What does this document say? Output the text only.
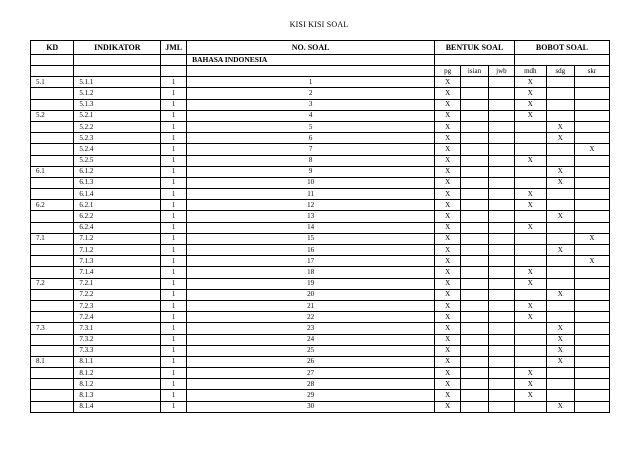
KISI KISI SOAL
KD	INDIKATOR	JML	NO. SOAL	BENTUK SOAL			BOBOT SOAL		
			BAHASA INDONESIA						
				pg	isian	jwb	mdh	sdg	skr
5.1	5.1.1	1	1	X			X		
	5.1.2	1	2	X			X		
	5.1.3	1	3	X			X		
5.2	5.2.1	1	4	X			X		
	5.2.2	1	5	X				X	
	5.2.3	1	6	X				X	
	5.2.4	1	7	X					X
	5.2.5	1	8	X			X		
6.1	6.1.2	1	9	X				X	
	6.1.3	1	10	X				X	
	6.1.4	1	11	X			X		
6.2	6.2.1	1	12	X			X		
	6.2.2	1	13	X				X	
	6.2.4	1	14	X			X		
7.1	7.1.2	1	15	X					X
	7.1.2	1	16	X				X	
	7.1.3	1	17	X					X
	7.1.4	1	18	X			X		
7.2	7.2.1	1	19	X			X		
	7.2.2	1	20	X				X	
	7.2.3	1	21	X			X		
	7.2.4	1	22	X			X		
7.3	7.3.1	1	23	X				X	
	7.3.2	1	24	X				X	
	7.3.3	1	25	X				X	
8.1	8.1.1	1	26	X				X	
	8.1.2	1	27	X			X		
	8.1.2	1	28	X			X		
	8.1.3	1	29	X			X		
	8.1.4	1	30	X				X	
